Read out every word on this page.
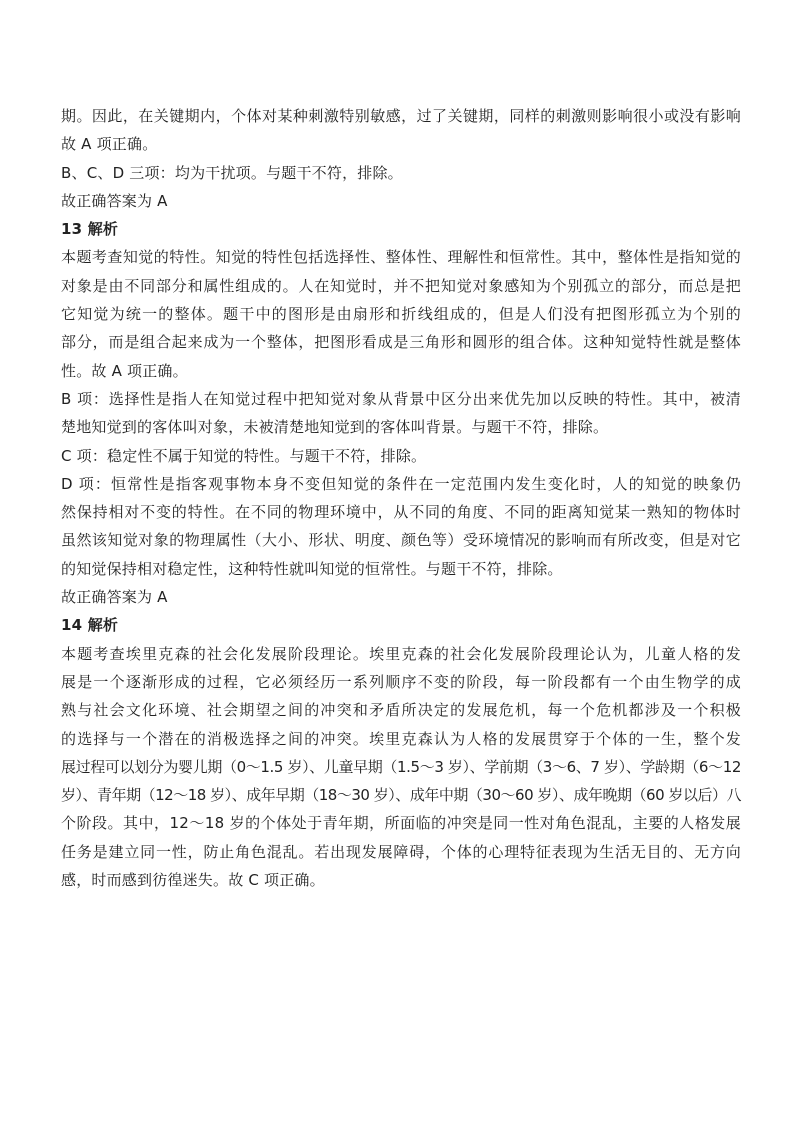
期。因此，在关键期内，个体对某种刺激特别敏感，过了关键期，同样的刺激则影响很小或没有影响
故 A 项正确。
B、C、D 三项：均为干扰项。与题干不符，排除。
故正确答案为 A
13 解析
本题考查知觉的特性。知觉的特性包括选择性、整体性、理解性和恒常性。其中，整体性是指知觉的
对象是由不同部分和属性组成的。人在知觉时，并不把知觉对象感知为个别孤立的部分，而总是把
它知觉为统一的整体。题干中的图形是由扇形和折线组成的，但是人们没有把图形孤立为个别的
部分，而是组合起来成为一个整体，把图形看成是三角形和圆形的组合体。这种知觉特性就是整体
性。故 A 项正确。
B 项：选择性是指人在知觉过程中把知觉对象从背景中区分出来优先加以反映的特性。其中，被清
楚地知觉到的客体叫对象，未被清楚地知觉到的客体叫背景。与题干不符，排除。
C 项：稳定性不属于知觉的特性。与题干不符，排除。
D 项：恒常性是指客观事物本身不变但知觉的条件在一定范围内发生变化时，人的知觉的映象仍
然保持相对不变的特性。在不同的物理环境中，从不同的角度、不同的距离知觉某一熟知的物体时
虽然该知觉对象的物理属性（大小、形状、明度、颜色等）受环境情况的影响而有所改变，但是对它
的知觉保持相对稳定性，这种特性就叫知觉的恒常性。与题干不符，排除。
故正确答案为 A
14 解析
本题考查埃里克森的社会化发展阶段理论。埃里克森的社会化发展阶段理论认为，儿童人格的发
展是一个逐渐形成的过程，它必须经历一系列顺序不变的阶段，每一阶段都有一个由生物学的成
熟与社会文化环境、社会期望之间的冲突和矛盾所决定的发展危机，每一个危机都涉及一个积极
的选择与一个潜在的消极选择之间的冲突。埃里克森认为人格的发展贯穿于个体的一生，整个发
展过程可以划分为婴儿期（0～1.5 岁）、儿童早期（1.5～3 岁）、学前期（3～6、7 岁）、学龄期（6～12
岁）、青年期（12～18 岁）、成年早期（18～30 岁）、成年中期（30～60 岁）、成年晚期（60 岁以后）八
个阶段。其中，12～18 岁的个体处于青年期，所面临的冲突是同一性对角色混乱，主要的人格发展
任务是建立同一性，防止角色混乱。若出现发展障碍，个体的心理特征表现为生活无目的、无方向
感，时而感到彷徨迷失。故 C 项正确。
